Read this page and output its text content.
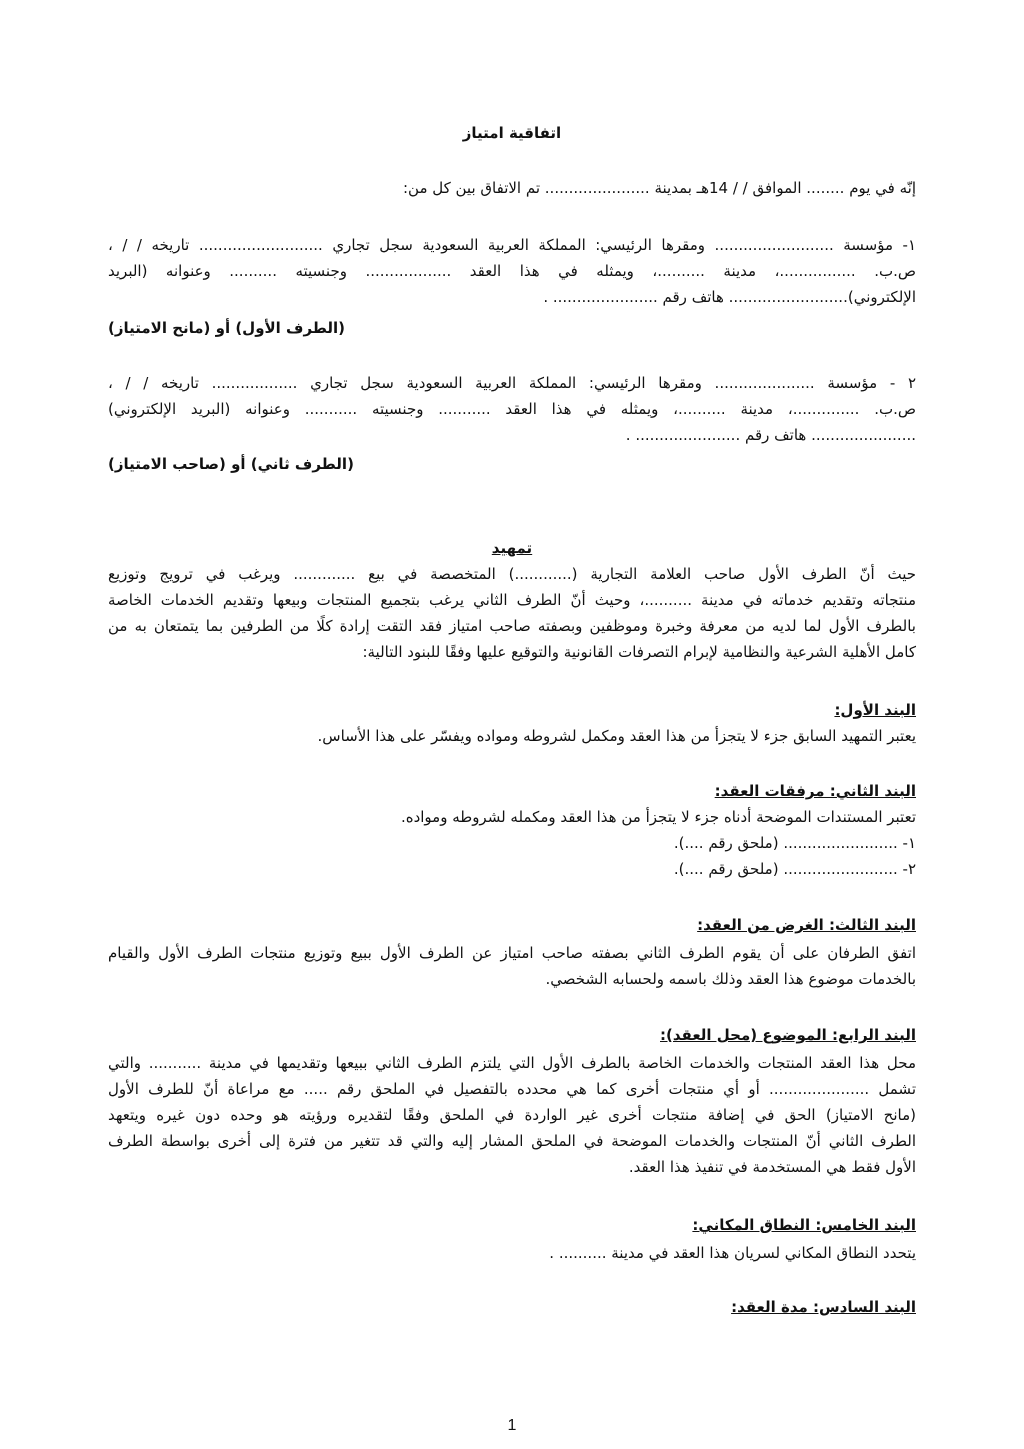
اتفاقية امتياز
إنّه في يوم ........ الموافق / / 14هـ بمدينة ...................... تم الاتفاق بين كل من:
١- مؤسسة ......................... ومقرها الرئيسي: المملكة العربية السعودية سجل تجاري .......................... تاريخه / / ،
ص.ب. ................، مدينة ..........، ويمثله في هذا العقد .................. وجنسيته .......... وعنوانه (البريد
الإلكتروني)......................... هاتف رقم ...................... .
(الطرف الأول) أو (مانح الامتياز)
٢ - مؤسسة ..................... ومقرها الرئيسي: المملكة العربية السعودية سجل تجاري .................. تاريخه / / ،
ص.ب. ..............، مدينة ..........، ويمثله في هذا العقد ........... وجنسيته ........... وعنوانه (البريد الإلكتروني)
...................... هاتف رقم ...................... .
(الطرف ثاني) أو (صاحب الامتياز)
تمهيد
حيث أنّ الطرف الأول صاحب العلامة التجارية (............) المتخصصة في بيع ............. ويرغب في ترويج وتوزيع
منتجاته وتقديم خدماته في مدينة ..........، وحيث أنّ الطرف الثاني يرغب بتجميع المنتجات وبيعها وتقديم الخدمات الخاصة
بالطرف الأول لما لديه من معرفة وخبرة وموظفين وبصفته صاحب امتياز فقد التقت إرادة كلًا من الطرفين بما يتمتعان به من
كامل الأهلية الشرعية والنظامية لإبرام التصرفات القانونية والتوقيع عليها وفقًا للبنود التالية:
البند الأول:
يعتبر التمهيد السابق جزء لا يتجزأ من هذا العقد ومكمل لشروطه ومواده ويفسّر على هذا الأساس.
البند الثاني: مرفقات العقد:
تعتبر المستندات الموضحة أدناه جزء لا يتجزأ من هذا العقد ومكمله لشروطه ومواده.
١- ........................ (ملحق رقم ....).
٢- ........................ (ملحق رقم ....).
البند الثالث: الغرض من العقد:
اتفق الطرفان على أن يقوم الطرف الثاني بصفته صاحب امتياز عن الطرف الأول ببيع وتوزيع منتجات الطرف الأول والقيام
بالخدمات موضوع هذا العقد وذلك باسمه ولحسابه الشخصي.
البند الرابع: الموضوع (محل العقد):
محل هذا العقد المنتجات والخدمات الخاصة بالطرف الأول التي يلتزم الطرف الثاني ببيعها وتقديمها في مدينة ........... والتي
تشمل ..................... أو أي منتجات أخرى كما هي محدده بالتفصيل في الملحق رقم ..... مع مراعاة أنّ للطرف الأول
(مانح الامتياز) الحق في إضافة منتجات أخرى غير الواردة في الملحق وفقًا لتقديره ورؤيته هو وحده دون غيره ويتعهد
الطرف الثاني أنّ المنتجات والخدمات الموضحة في الملحق المشار إليه والتي قد تتغير من فترة إلى أخرى بواسطة الطرف
الأول فقط هي المستخدمة في تنفيذ هذا العقد.
البند الخامس: النطاق المكاني:
يتحدد النطاق المكاني لسريان هذا العقد في مدينة .......... .
البند السادس: مدة العقد:
1
